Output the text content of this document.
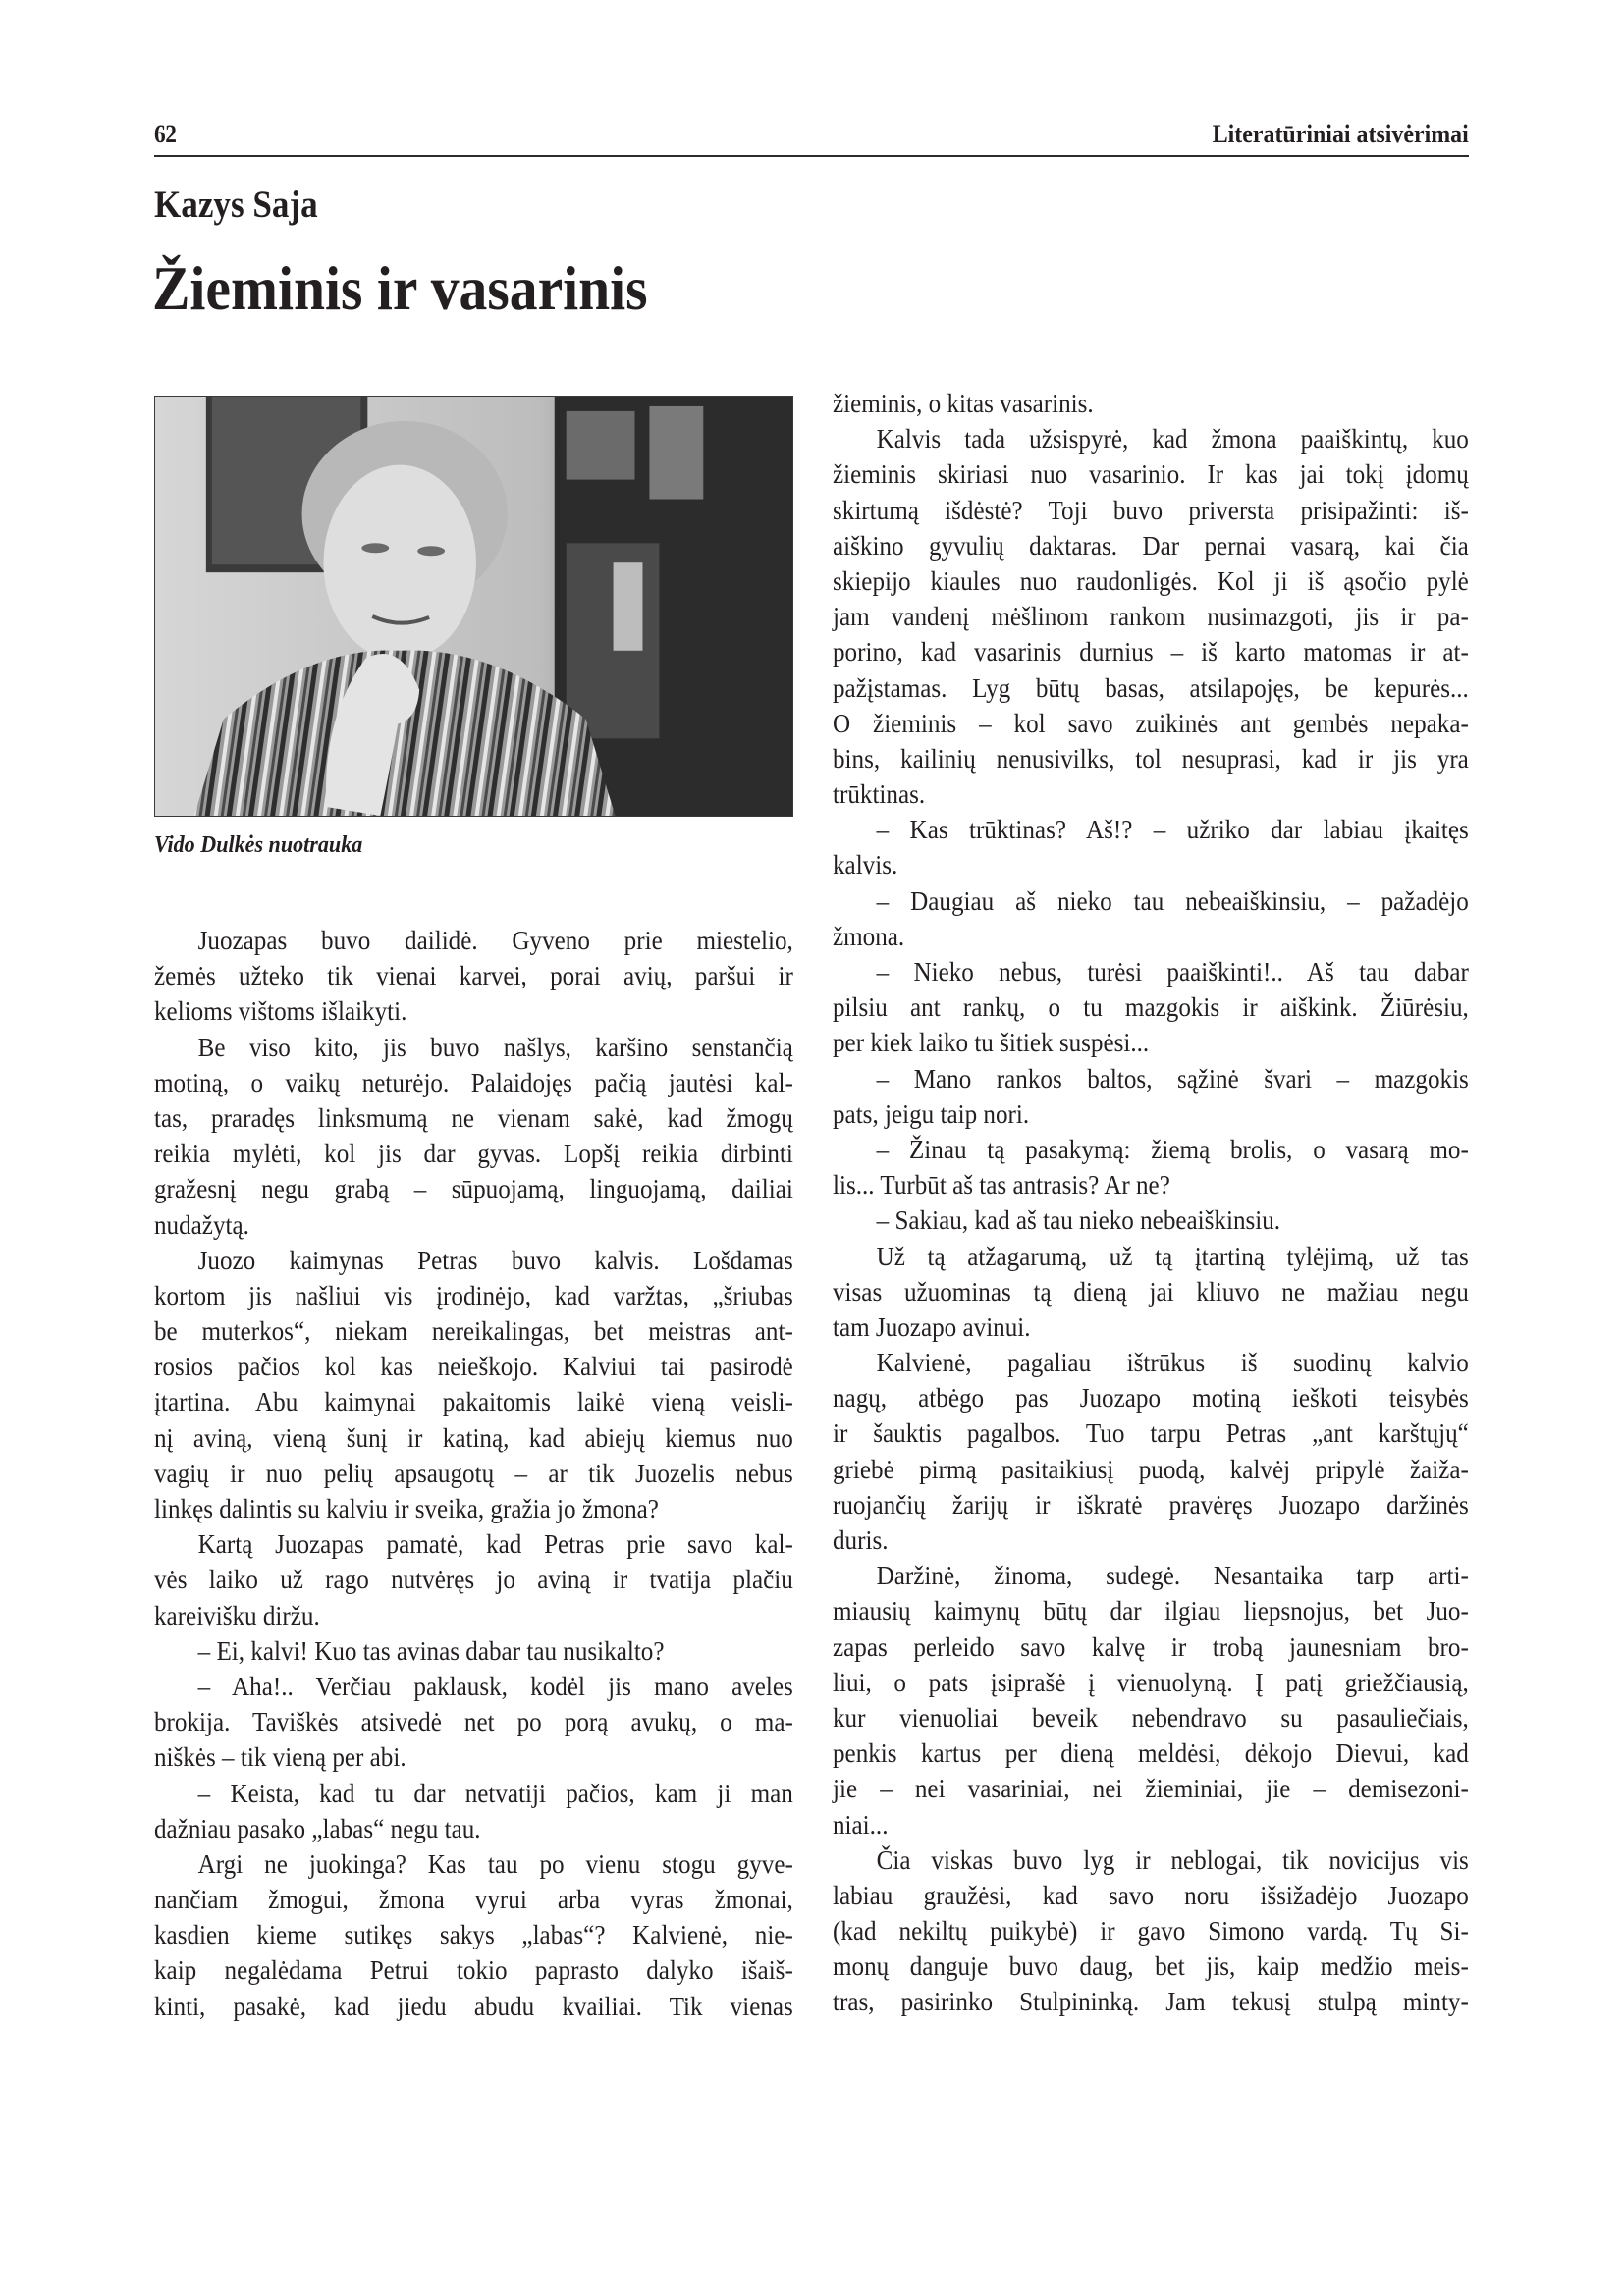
62	Literatūriniai atsivėrimai
Kazys Saja
Žieminis ir vasarinis
Vido Dulkės nuotrauka
Juozapas buvo dailidė. Gyveno prie miestelio,
žemės užteko tik vienai karvei, porai avių, paršui ir
kelioms vištoms išlaikyti.
Be viso kito, jis buvo našlys, karšino senstančią
motiną, o vaikų neturėjo. Palaidojęs pačią jautėsi kal-
tas, praradęs linksmumą ne vienam sakė, kad žmogų
reikia mylėti, kol jis dar gyvas. Lopšį reikia dirbinti
gražesnį negu grabą – sūpuojamą, linguojamą, dailiai
nudažytą.
Juozo kaimynas Petras buvo kalvis. Lošdamas
kortom jis našliui vis įrodinėjo, kad varžtas, „šriubas
be muterkos“, niekam nereikalingas, bet meistras ant-
rosios pačios kol kas neieškojo. Kalviui tai pasirodė
įtartina. Abu kaimynai pakaitomis laikė vieną veisli-
nį aviną, vieną šunį ir katiną, kad abiejų kiemus nuo
vagių ir nuo pelių apsaugotų – ar tik Juozelis nebus
linkęs dalintis su kalviu ir sveika, gražia jo žmona?
Kartą Juozapas pamatė, kad Petras prie savo kal-
vės laiko už rago nutvėręs jo aviną ir tvatija plačiu
kareivišku diržu.
– Ei, kalvi! Kuo tas avinas dabar tau nusikalto?
– Aha!.. Verčiau paklausk, kodėl jis mano aveles
brokija. Taviškės atsivedė net po porą avukų, o ma-
niškės – tik vieną per abi.
– Keista, kad tu dar netvatiji pačios, kam ji man
dažniau pasako „labas“ negu tau.
Argi ne juokinga? Kas tau po vienu stogu gyve-
nančiam žmogui, žmona vyrui arba vyras žmonai,
kasdien kieme sutikęs sakys „labas“? Kalvienė, nie-
kaip negalėdama Petrui tokio paprasto dalyko išaiš-
kinti, pasakė, kad jiedu abudu kvailiai. Tik vienas
žieminis, o kitas vasarinis.
Kalvis tada užsispyrė, kad žmona paaiškintų, kuo
žieminis skiriasi nuo vasarinio. Ir kas jai tokį įdomų
skirtumą išdėstė? Toji buvo priversta prisipažinti: iš-
aiškino gyvulių daktaras. Dar pernai vasarą, kai čia
skiepijo kiaules nuo raudonligės. Kol ji iš ąsočio pylė
jam vandenį mėšlinom rankom nusimazgoti, jis ir pa-
porino, kad vasarinis durnius – iš karto matomas ir at-
pažįstamas. Lyg būtų basas, atsilapojęs, be kepurės...
O žieminis – kol savo zuikinės ant gembės nepaka-
bins, kailinių nenusivilks, tol nesuprasi, kad ir jis yra
trūktinas.
– Kas trūktinas? Aš!? – užriko dar labiau įkaitęs
kalvis.
– Daugiau aš nieko tau nebeaiškinsiu, – pažadėjo
žmona.
– Nieko nebus, turėsi paaiškinti!.. Aš tau dabar
pilsiu ant rankų, o tu mazgokis ir aiškink. Žiūrėsiu,
per kiek laiko tu šitiek suspėsi...
– Mano rankos baltos, sąžinė švari – mazgokis
pats, jeigu taip nori.
– Žinau tą pasakymą: žiemą brolis, o vasarą mo-
lis... Turbūt aš tas antrasis? Ar ne?
– Sakiau, kad aš tau nieko nebeaiškinsiu.
Už tą atžagarumą, už tą įtartiną tylėjimą, už tas
visas užuominas tą dieną jai kliuvo ne mažiau negu
tam Juozapo avinui.
Kalvienė, pagaliau ištrūkus iš suodinų kalvio
nagų, atbėgo pas Juozapo motiną ieškoti teisybės
ir šauktis pagalbos. Tuo tarpu Petras „ant karštųjų“
griebė pirmą pasitaikiusį puodą, kalvėj pripylė žaiža-
ruojančių žarijų ir iškratė pravėręs Juozapo daržinės
duris.
Daržinė, žinoma, sudegė. Nesantaika tarp arti-
miausių kaimynų būtų dar ilgiau liepsnojus, bet Juo-
zapas perleido savo kalvę ir trobą jaunesniam bro-
liui, o pats įsiprašė į vienuolyną. Į patį griežčiausią,
kur vienuoliai beveik nebendravo su pasauliečiais,
penkis kartus per dieną meldėsi, dėkojo Dievui, kad
jie – nei vasariniai, nei žieminiai, jie – demisezoni-
niai...
Čia viskas buvo lyg ir neblogai, tik novicijus vis
labiau graužėsi, kad savo noru išsižadėjo Juozapo
(kad nekiltų puikybė) ir gavo Simono vardą. Tų Si-
monų danguje buvo daug, bet jis, kaip medžio meis-
tras, pasirinko Stulpininką. Jam tekusį stulpą minty-
